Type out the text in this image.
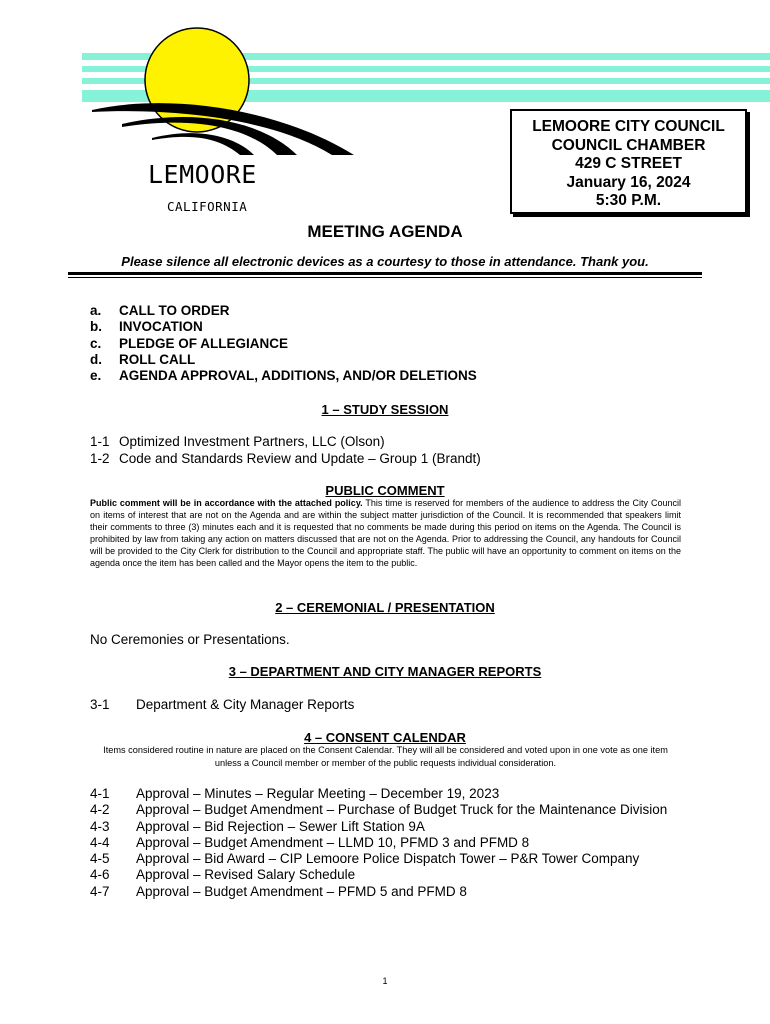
LEMOORE
CALIFORNIA
LEMOORE CITY COUNCIL
COUNCIL CHAMBER
429 C STREET
January 16, 2024
5:30 P.M.
MEETING AGENDA
Please silence all electronic devices as a courtesy to those in attendance. Thank you.
a.	CALL TO ORDER
b.	INVOCATION
c.	PLEDGE OF ALLEGIANCE
d.	ROLL CALL
e.	AGENDA APPROVAL, ADDITIONS, AND/OR DELETIONS
1 – STUDY SESSION
1-1 Optimized Investment Partners, LLC (Olson)
1-2 Code and Standards Review and Update – Group 1 (Brandt)
PUBLIC COMMENT
Public comment will be in accordance with the attached policy. This time is reserved for members of the audience to address the City Council on items of interest that are not on the Agenda and are within the subject matter jurisdiction of the Council. It is recommended that speakers limit their comments to three (3) minutes each and it is requested that no comments be made during this period on items on the Agenda. The Council is prohibited by law from taking any action on matters discussed that are not on the Agenda. Prior to addressing the Council, any handouts for Council will be provided to the City Clerk for distribution to the Council and appropriate staff. The public will have an opportunity to comment on items on the agenda once the item has been called and the Mayor opens the item to the public.
2 – CEREMONIAL / PRESENTATION
No Ceremonies or Presentations.
3 – DEPARTMENT AND CITY MANAGER REPORTS
3-1	Department & City Manager Reports
4 – CONSENT CALENDAR
Items considered routine in nature are placed on the Consent Calendar. They will all be considered and voted upon in one vote as one item unless a Council member or member of the public requests individual consideration.
4-1	Approval – Minutes – Regular Meeting – December 19, 2023
4-2	Approval – Budget Amendment – Purchase of Budget Truck for the Maintenance Division
4-3	Approval – Bid Rejection – Sewer Lift Station 9A
4-4	Approval – Budget Amendment – LLMD 10, PFMD 3 and PFMD 8
4-5	Approval – Bid Award – CIP Lemoore Police Dispatch Tower – P&R Tower Company
4-6	Approval – Revised Salary Schedule
4-7	Approval – Budget Amendment – PFMD 5 and PFMD 8
1
